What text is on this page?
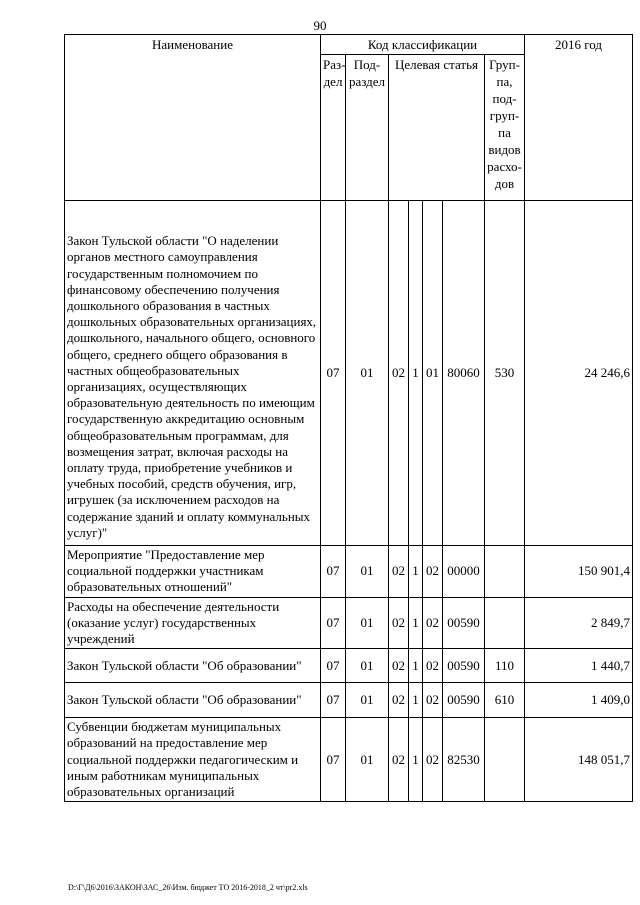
90
Наименование	Код классификации							2016 год
	Раз-дел	Под-раздел	Целевая статья				Груп-па, под-груп-па видов расхо-дов	
Закон Тульской области "О наделении органов местного самоуправления государственным полномочием по финансовому обеспечению получения дошкольного образования в частных дошкольных образовательных организациях, дошкольного, начального общего, основного общего, среднего общего образования в частных общеобразовательных организациях, осуществляющих образовательную деятельность по имеющим государственную аккредитацию основным общеобразовательным программам, для возмещения затрат, включая расходы на оплату труда, приобретение учебников и учебных пособий, средств обучения, игр, игрушек (за исключением расходов на содержание зданий и оплату коммунальных услуг)"	07	01	02	1	01	80060	530	24 246,6
Мероприятие "Предоставление мер социальной поддержки участникам образовательных отношений"	07	01	02	1	02	00000		150 901,4
Расходы на обеспечение деятельности (оказание услуг) государственных учреждений	07	01	02	1	02	00590		2 849,7
Закон Тульской области "Об образовании"	07	01	02	1	02	00590	110	1 440,7
Закон Тульской области "Об образовании"	07	01	02	1	02	00590	610	1 409,0
Субвенции бюджетам муниципальных образований на предоставление мер социальной поддержки педагогическим и иным работникам муниципальных образовательных организаций	07	01	02	1	02	82530		148 051,7
D:\Г\Д6\2016\ЗАКОН\ЗАС_26\Изм. бюджет ТО 2016-2018_2 чт\pr2.xls
